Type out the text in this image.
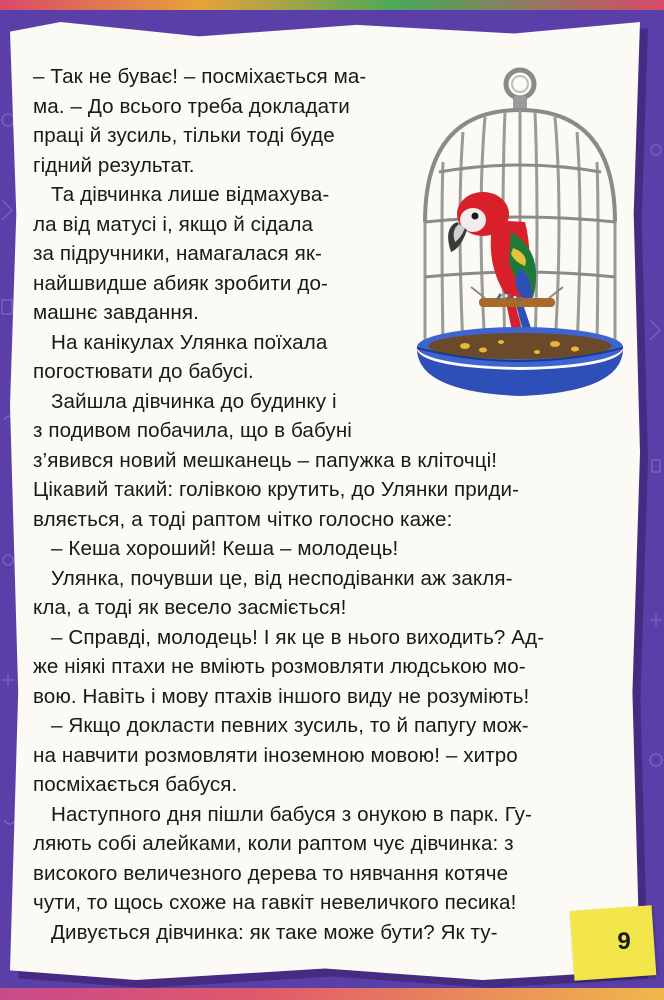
– Так не буває! – посміхається ма-
ма. – До всього треба докладати
праці й зусиль, тільки тоді буде
гідний результат.
Та дівчинка лише відмахува-
ла від матусі і, якщо й сідала
за підручники, намагалася як-
найшвидше абияк зробити до-
машнє завдання.
На канікулах Улянка поїхала
погостювати до бабусі.
Зайшла дівчинка до будинку і
з подивом побачила, що в бабуні
з’явився новий мешканець – папужка в кліточці!
Цікавий такий: голівкою крутить, до Улянки приди-
вляється, а тоді раптом чітко голосно каже:
– Кеша хороший! Кеша – молодець!
Улянка, почувши це, від несподіванки аж закля-
кла, а тоді як весело засміється!
– Справді, молодець! І як це в нього виходить? Ад-
же ніякі птахи не вміють розмовляти людською мо-
вою. Навіть і мову птахів іншого виду не розуміють!
– Якщо докласти певних зусиль, то й папугу мож-
на навчити розмовляти іноземною мовою! – хитро
посміхається бабуся.
Наступного дня пішли бабуся з онукою в парк. Гу-
ляють собі алейками, коли раптом чує дівчинка: з
високого величезного дерева то нявчання котяче
чути, то щось схоже на гавкіт невеличкого песика!
Дивується дівчинка: як таке може бути? Як ту-	9
